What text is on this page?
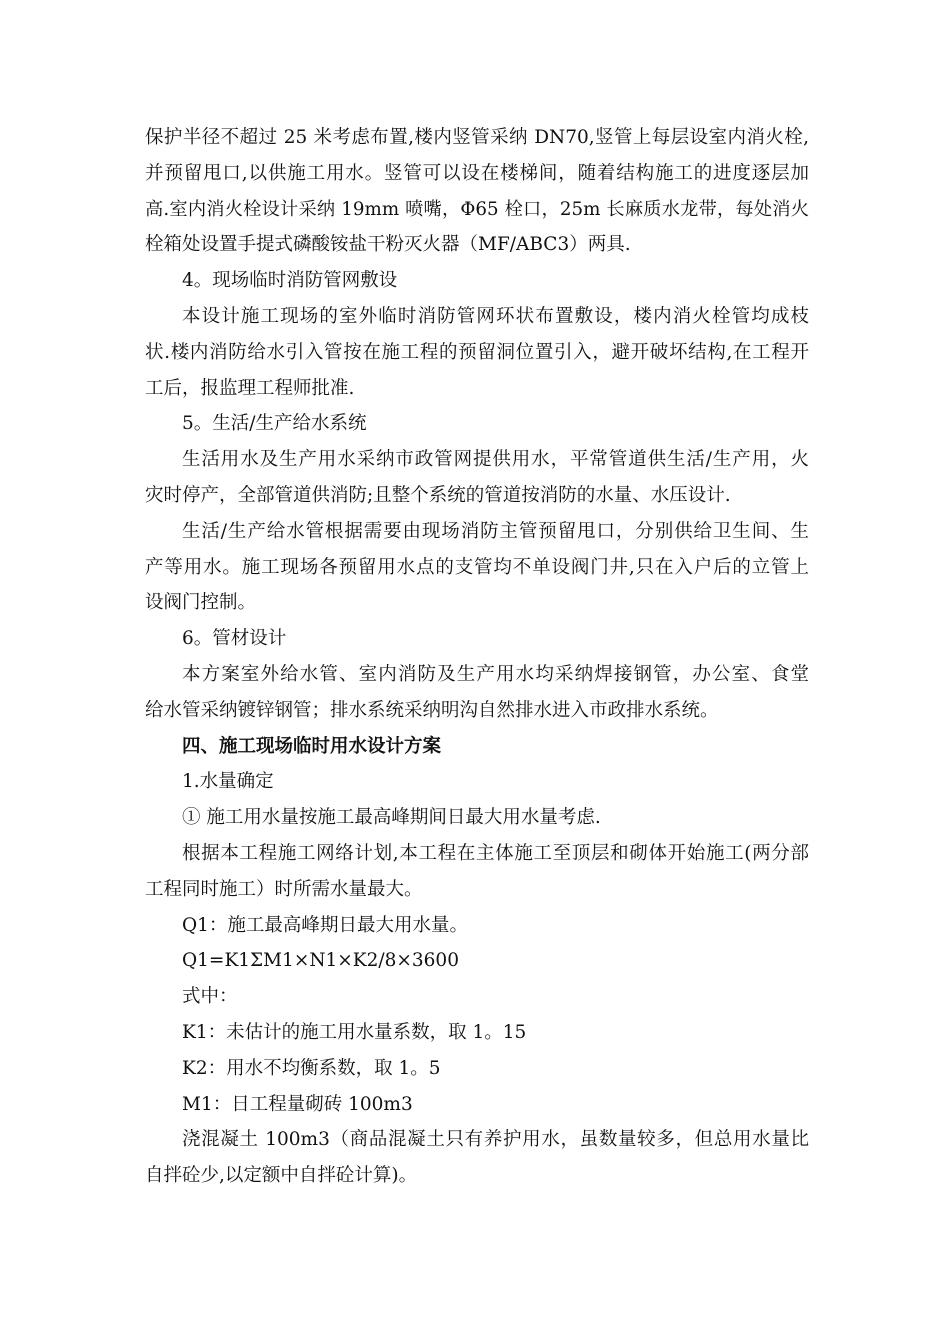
保护半径不超过 25 米考虑布置,楼内竖管采纳 DN70,竖管上每层设室内消火栓,
并预留甩口,以供施工用水。竖管可以设在楼梯间，随着结构施工的进度逐层加
高.室内消火栓设计采纳 19mm 喷嘴，Φ65 栓口，25m 长麻质水龙带，每处消火
栓箱处设置手提式磷酸铵盐干粉灭火器（MF/ABC3）两具.
4。现场临时消防管网敷设
本设计施工现场的室外临时消防管网环状布置敷设，楼内消火栓管均成枝
状.楼内消防给水引入管按在施工程的预留洞位置引入，避开破坏结构,在工程开
工后，报监理工程师批准.
5。生活/生产给水系统
生活用水及生产用水采纳市政管网提供用水，平常管道供生活/生产用，火
灾时停产，全部管道供消防;且整个系统的管道按消防的水量、水压设计.
生活/生产给水管根据需要由现场消防主管预留甩口，分别供给卫生间、生
产等用水。施工现场各预留用水点的支管均不单设阀门井,只在入户后的立管上
设阀门控制。
6。管材设计
本方案室外给水管、室内消防及生产用水均采纳焊接钢管，办公室、食堂
给水管采纳镀锌钢管；排水系统采纳明沟自然排水进入市政排水系统。
四、施工现场临时用水设计方案
1.水量确定
① 施工用水量按施工最高峰期间日最大用水量考虑.
根据本工程施工网络计划,本工程在主体施工至顶层和砌体开始施工(两分部
工程同时施工）时所需水量最大。
Q1：施工最高峰期日最大用水量。
Q1=K1ΣM1×N1×K2/8×3600
式中：
K1：未估计的施工用水量系数，取 1。15
K2：用水不均衡系数，取 1。5
M1：日工程量砌砖 100m3
浇混凝土 100m3（商品混凝土只有养护用水，虽数量较多，但总用水量比
自拌砼少,以定额中自拌砼计算)。
